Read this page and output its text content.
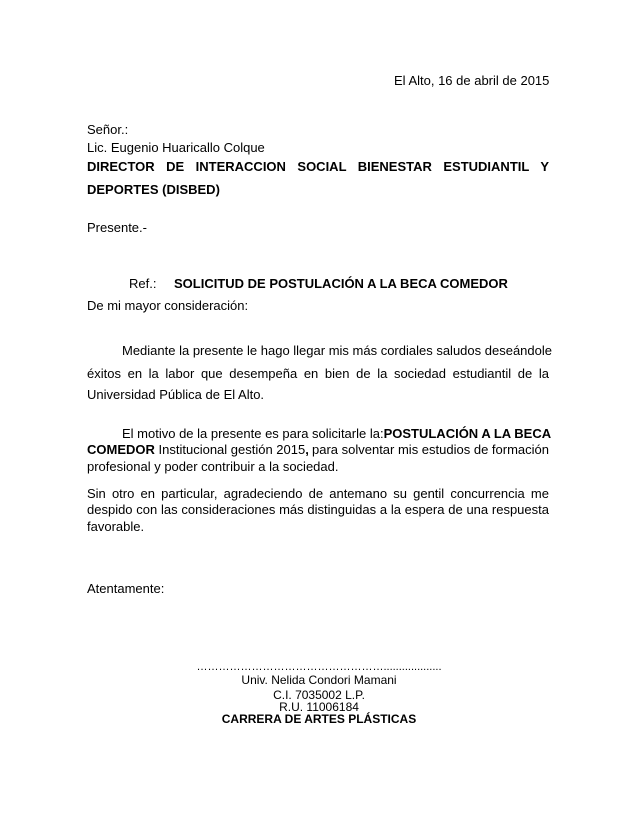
El Alto, 16 de abril de 2015
Señor.:
Lic. Eugenio Huaricallo Colque
DIRECTOR DE INTERACCION SOCIAL BIENESTAR ESTUDIANTIL Y
DEPORTES (DISBED)
Presente.-
Ref.: SOLICITUD DE POSTULACIÓN A LA BECA COMEDOR
De mi mayor consideración:
Mediante la presente le hago llegar mis más cordiales saludos deseándole
éxitos en la labor que desempeña en bien de la sociedad estudiantil de la
Universidad Pública de El Alto.
El motivo de la presente es para solicitarle la: POSTULACIÓN A LA BECA
COMEDOR Institucional gestión 2015, para solventar mis estudios de formación
profesional y poder contribuir a la sociedad.
Sin otro en particular, agradeciendo de antemano su gentil concurrencia me
despido con las consideraciones más distinguidas a la espera de una respuesta
favorable.
Atentamente:
……………………………………………...................
Univ. Nelida Condori Mamani
C.I. 7035002 L.P.
R.U. 11006184
CARRERA DE ARTES PLÁSTICAS
